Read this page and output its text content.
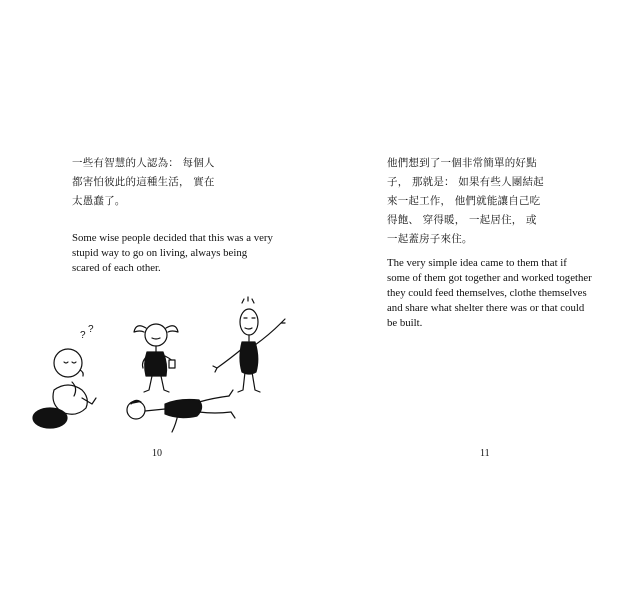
一些有智慧的人認為： 每個人
都害怕彼此的這種生活， 實在
太愚蠢了。
Some wise people decided that this was a very
stupid way to go on living, always being
scared of each other.
?
?
10
他們想到了一個非常簡單的好點
子， 那就是： 如果有些人團結起
來一起工作， 他們就能讓自己吃
得飽、 穿得暖， 一起居住， 或
一起蓋房子來住。
The very simple idea came to them that if
some of them got together and worked together
they could feed themselves, clothe themselves
and share what shelter there was or that could
be built.
11
